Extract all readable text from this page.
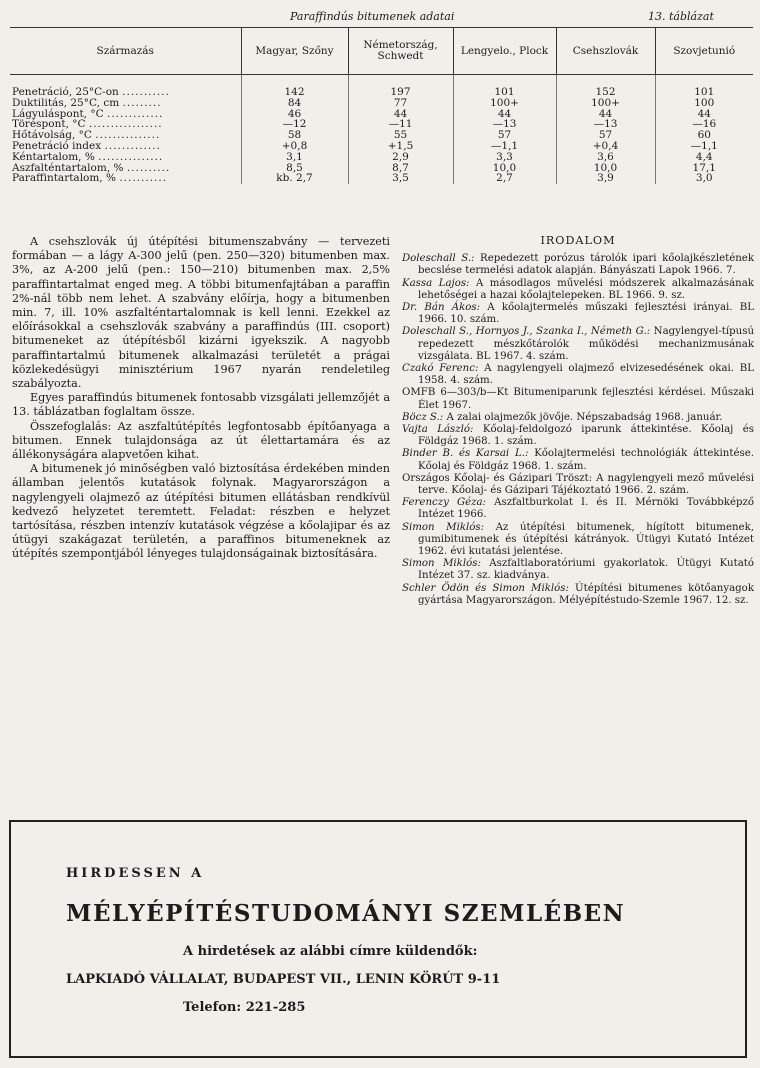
Paraffindús bitumenek adatai	13. táblázat
Származás	Magyar, Szőny	Németország, Schwedt	Lengyelo., Plock	Csehszlovák	Szovjetunió
Penetráció, 25°C-on ...........	142	197	101	152	101
Duktilitás, 25°C, cm .........	84	77	100+	100+	100
Lágyuláspont, °C .............	46	44	44	44	44
Töréspont, °C .................	—12	—11	—13	—13	—16
Hőtávolság, °C ...............	58	55	57	57	60
Penetráció index .............	+0,8	+1,5	—1,1	+0,4	—1,1
Kéntartalom, % ...............	3,1	2,9	3,3	3,6	4,4
Aszfalténtartalom, % ..........	8,5	8,7	10,0	10,0	17,1
Paraffintartalom, % ...........	kb. 2,7	3,5	2,7	3,9	3,0

A csehszlovák új útépítési bitumenszabvány — tervezeti formában — a lágy A-300 jelű (pen. 250—320) bitumenben max. 3%, az A-200 jelű (pen.: 150—210) bitumenben max. 2,5% paraffintartalmat enged meg. A többi bitumenfajtában a paraffin 2%-nál több nem lehet. A szabvány előírja, hogy a bitumenben min. 7, ill. 10% aszfalténtartalomnak is kell lenni. Ezekkel az előírásokkal a csehszlovák szabvány a paraffindús (III. csoport) bitumeneket az útépítésből kizárni igyekszik. A nagyobb paraffintartalmú bitumenek alkalmazási területét a prágai közlekedésügyi minisztérium 1967 nyarán rendeletileg szabályozta.

Egyes paraffindús bitumenek fontosabb vizsgálati jellemzőjét a 13. táblázatban foglaltam össze.

Összefoglalás: Az aszfaltútépítés legfontosabb építőanyaga a bitumen. Ennek tulajdonsága az út élettartamára és az állékonyságára alapvetően kihat.

A bitumenek jó minőségben való biztosítása érdekében minden államban jelentős kutatások folynak. Magyarországon a nagylengyeli olajmező az útépítési bitumen ellátásban rendkívül kedvező helyzetet teremtett. Feladat: részben e helyzet tartósítása, részben intenzív kutatások végzése a kőolajipar és az útügyi szakágazat területén, a paraffinos bitumeneknek az útépítés szempontjából lényeges tulajdonságainak biztosítására.

IRODALOM

Doleschall S.: Repedezett porózus tárolók ipari kőolajkészletének becslése termelési adatok alapján. Bányászati Lapok 1966. 7.

Kassa Lajos: A másodlagos művelési módszerek alkalmazásának lehetőségei a hazai kőolajtelepeken. BL 1966. 9. sz.

Dr. Bán Ákos: A kőolajtermelés műszaki fejlesztési irányai. BL 1966. 10. szám.

Doleschall S., Hornyos J., Szanka I., Németh G.: Nagylengyel-típusú repedezett mészkőtárolók működési mechanizmusának vizsgálata. BL 1967. 4. szám.

Czakó Ferenc: A nagylengyeli olajmező elvizesedésének okai. BL 1958. 4. szám.

OMFB 6—303/b—Kt Bitumeniparunk fejlesztési kérdései. Műszaki Élet 1967.

Böcz S.: A zalai olajmezők jövője. Népszabadság 1968. január.

Vajta László: Kőolaj-feldolgozó iparunk áttekintése. Kőolaj és Földgáz 1968. 1. szám.

Binder B. és Karsai L.: Kőolajtermelési technológiák áttekintése. Kőolaj és Földgáz 1968. 1. szám.

Országos Kőolaj- és Gázipari Tröszt: A nagylengyeli mező művelési terve. Kőolaj- és Gázipari Tájékoztató 1966. 2. szám.

Ferenczy Géza: Aszfaltburkolat I. és II. Mérnöki Továbbképző Intézet 1966.

Simon Miklós: Az útépítési bitumenek, hígított bitumenek, gumibitumenek és útépítési kátrányok. Útügyi Kutató Intézet 1962. évi kutatási jelentése.

Simon Miklós: Aszfaltlaboratóriumi gyakorlatok. Útügyi Kutató Intézet 37. sz. kiadványa.

Schler Ödön és Simon Miklós: Útépítési bitumenes kötőanyagok gyártása Magyarországon. Mélyépítéstudo-Szemle 1967. 12. sz.

HIRDESSEN A
MÉLYÉPÍTÉSTUDOMÁNYI SZEMLÉBEN
A hirdetések az alábbi címre küldendők:
LAPKIADÓ VÁLLALAT, BUDAPEST VII., LENIN KÖRÚT 9-11
Telefon: 221-285
